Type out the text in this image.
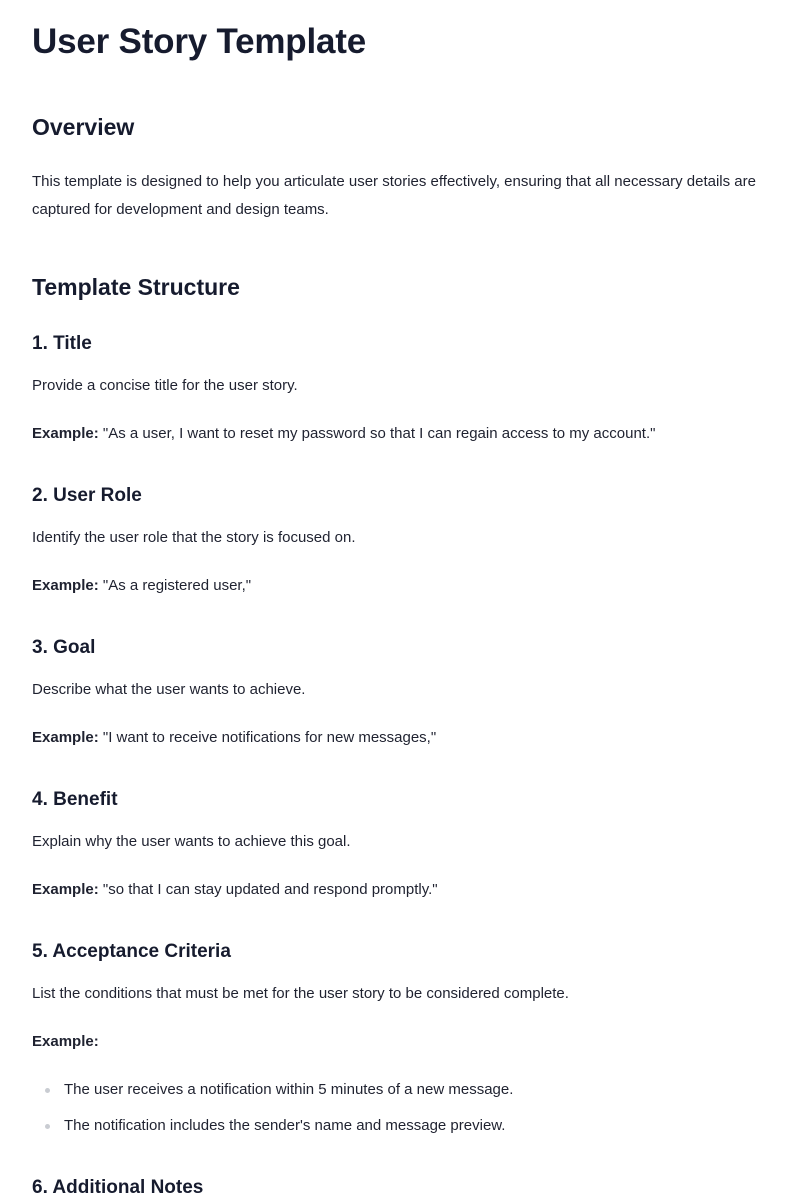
User Story Template
Overview

This template is designed to help you articulate user stories effectively, ensuring that all necessary details are captured for development and design teams.

Template Structure
1. Title

Provide a concise title for the user story.

Example: "As a user, I want to reset my password so that I can regain access to my account."

2. User Role

Identify the user role that the story is focused on.

Example: "As a registered user,"

3. Goal

Describe what the user wants to achieve.

Example: "I want to receive notifications for new messages,"

4. Benefit

Explain why the user wants to achieve this goal.

Example: "so that I can stay updated and respond promptly."

5. Acceptance Criteria

List the conditions that must be met for the user story to be considered complete.

Example:

The user receives a notification within 5 minutes of a new message.
The notification includes the sender's name and message preview.
6. Additional Notes
